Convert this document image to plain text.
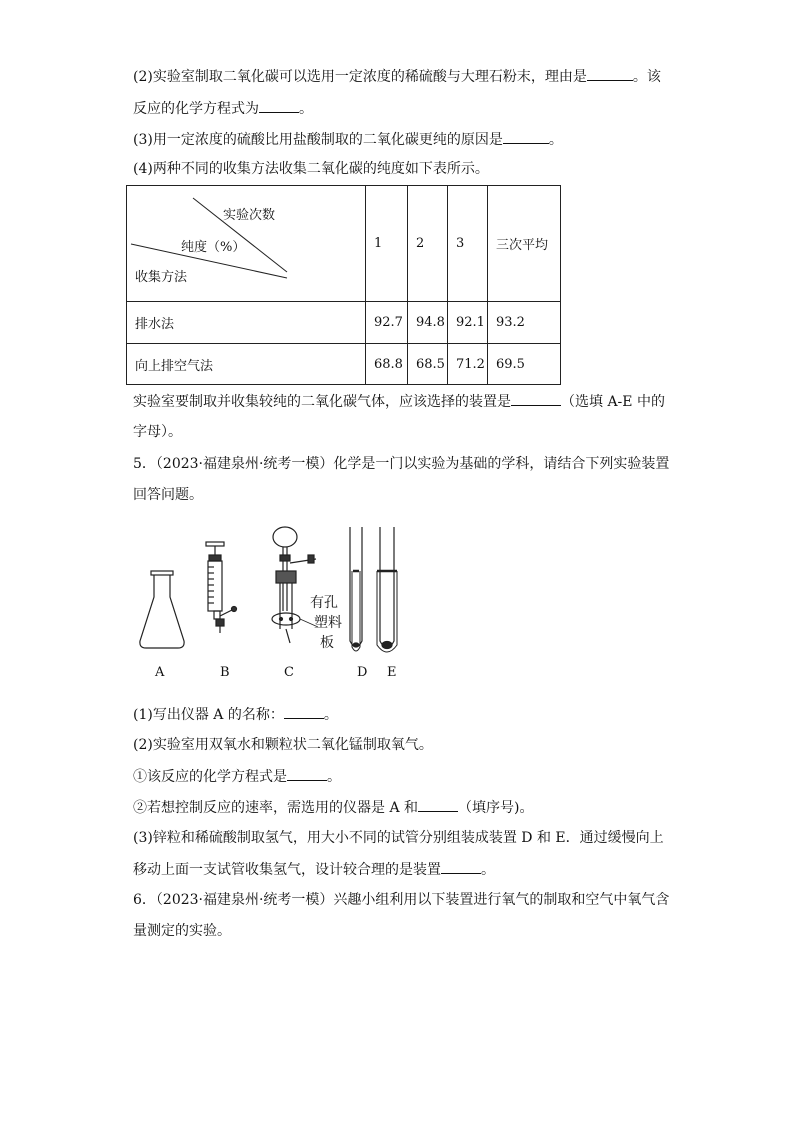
(2)实验室制取二氧化碳可以选用一定浓度的稀硫酸与大理石粉末，理由是	。该
反应的化学方程式为	。
(3)用一定浓度的硫酸比用盐酸制取的二氧化碳更纯的原因是	。
(4)两种不同的收集方法收集二氧化碳的纯度如下表所示。
实验次数
纯度（%）
收集方法	1	2	3	三次平均
排水法	92.7	94.8	92.1	93.2
向上排空气法	68.8	68.5	71.2	69.5
实验室要制取并收集较纯的二氧化碳气体，应该选择的装置是	（选填 A-E 中的
字母）。
5．（2023·福建泉州·统考一模）化学是一门以实验为基础的学科，请结合下列实验装置
回答问题。
有孔
塑料
板
A	B	C	D E
(1)写出仪器 A 的名称：	。
(2)实验室用双氧水和颗粒状二氧化锰制取氧气。
①该反应的化学方程式是	。
②若想控制反应的速率，需选用的仪器是 A 和	（填序号)。
(3)锌粒和稀硫酸制取氢气，用大小不同的试管分别组装成装置 D 和 E．通过缓慢向上
移动上面一支试管收集氢气，设计较合理的是装置	。
6．（2023·福建泉州·统考一模）兴趣小组利用以下装置进行氧气的制取和空气中氧气含
量测定的实验。
